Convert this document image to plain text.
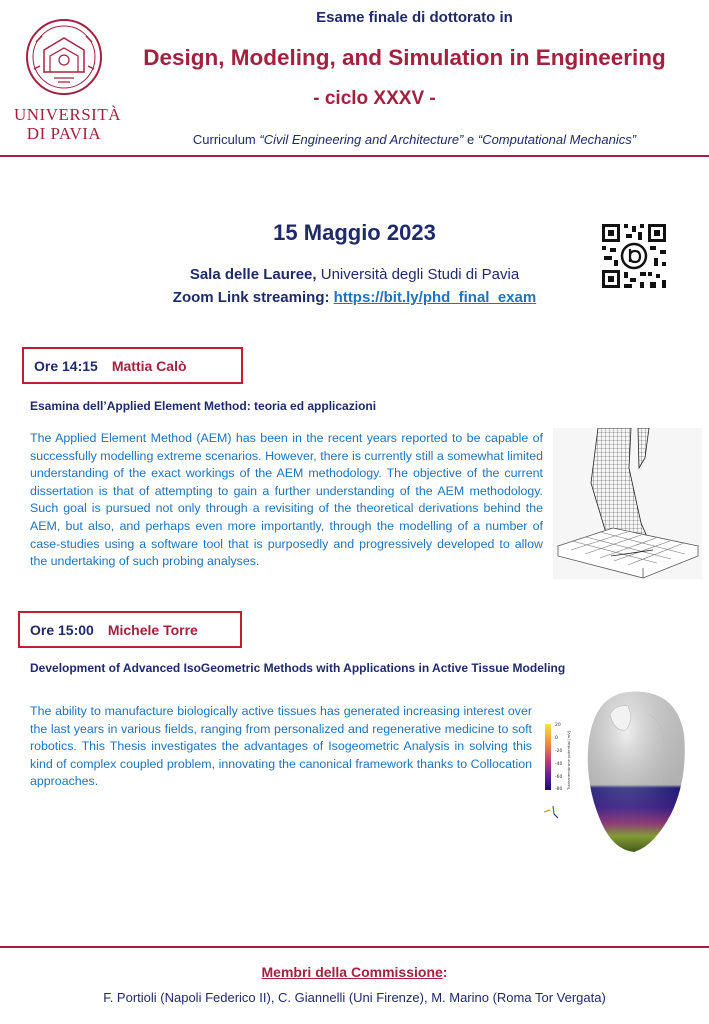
UNIVERSITÀ
DI PAVIA
Esame finale di dottorato in
Design, Modeling, and Simulation in Engineering
- ciclo XXXV -
Curriculum “Civil Engineering and Architecture” e “Computational Mechanics”
15 Maggio 2023
Sala delle Lauree, Università degli Studi di Pavia
Zoom Link streaming: https://bit.ly/phd_final_exam
Ore 14:15 Mattia Calò
Esamina dell’Applied Element Method: teoria ed applicazioni
The Applied Element Method (AEM) has been in the recent years reported to be capable of successfully modelling extreme scenarios. However, there is currently still a somewhat limited understanding of the exact workings of the AEM methodology. The objective of the current dissertation is that of attempting to gain a further understanding of the AEM methodology. Such goal is pursued not only through a revisiting of the theoretical derivations behind the AEM, but also, and perhaps even more importantly, through the modelling of a number of case-studies using a software tool that is purposedly and progressively developed to allow the undertaking of such probing analyses.
Ore 15:00 Michele Torre
Development of Advanced IsoGeometric Methods with Applications in Active Tissue Modeling
The ability to manufacture biologically active tissues has generated increasing interest over the last years in various fields, ranging from personalized and regenerative medicine to soft robotics. This Thesis investigates the advantages of Isogeometric Analysis in solving this kind of complex coupled problem, innovating the canonical framework thanks to Collocation approaches.
20
0
-20
-40
-60
-80 Transmembrane potential [mV]
Membri della Commissione:
F. Portioli (Napoli Federico II), C. Giannelli (Uni Firenze), M. Marino (Roma Tor Vergata)
